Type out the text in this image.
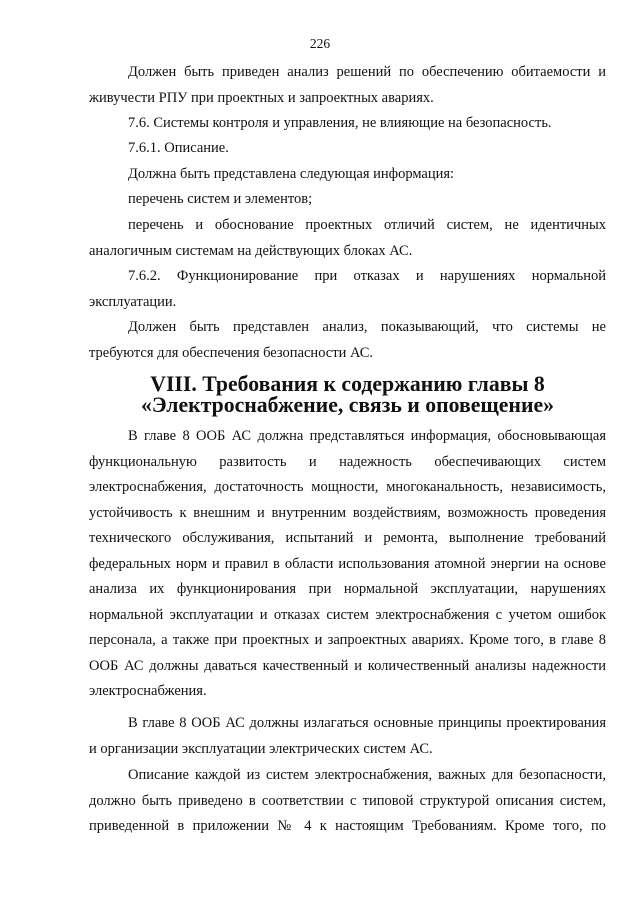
226

Должен быть приведен анализ решений по обеспечению обитаемости и живучести РПУ при проектных и запроектных авариях.

7.6. Системы контроля и управления, не влияющие на безопасность.

7.6.1. Описание.

Должна быть представлена следующая информация:

перечень систем и элементов;

перечень и обоснование проектных отличий систем, не идентичных аналогичным системам на действующих блоках АС.

7.6.2. Функционирование при отказах и нарушениях нормальной эксплуатации.

Должен быть представлен анализ, показывающий, что системы не требуются для обеспечения безопасности АС.

VIII. Требования к содержанию главы 8 «Электроснабжение, связь и оповещение»

В главе 8 ООБ АС должна представляться информация, обосновывающая функциональную развитость и надежность обеспечивающих систем электроснабжения, достаточность мощности, многоканальность, независимость, устойчивость к внешним и внутренним воздействиям, возможность проведения технического обслуживания, испытаний и ремонта, выполнение требований федеральных норм и правил в области использования атомной энергии на основе анализа их функционирования при нормальной эксплуатации, нарушениях нормальной эксплуатации и отказах систем электроснабжения с учетом ошибок персонала, а также при проектных и запроектных авариях. Кроме того, в главе 8 ООБ АС должны даваться качественный и количественный анализы надежности электроснабжения.

В главе 8 ООБ АС должны излагаться основные принципы проектирования и организации эксплуатации электрических систем АС.

Описание каждой из систем электроснабжения, важных для безопасности, должно быть приведено в соответствии с типовой структурой описания систем, приведенной в приложении № 4 к настоящим Требованиям. Кроме того, по
